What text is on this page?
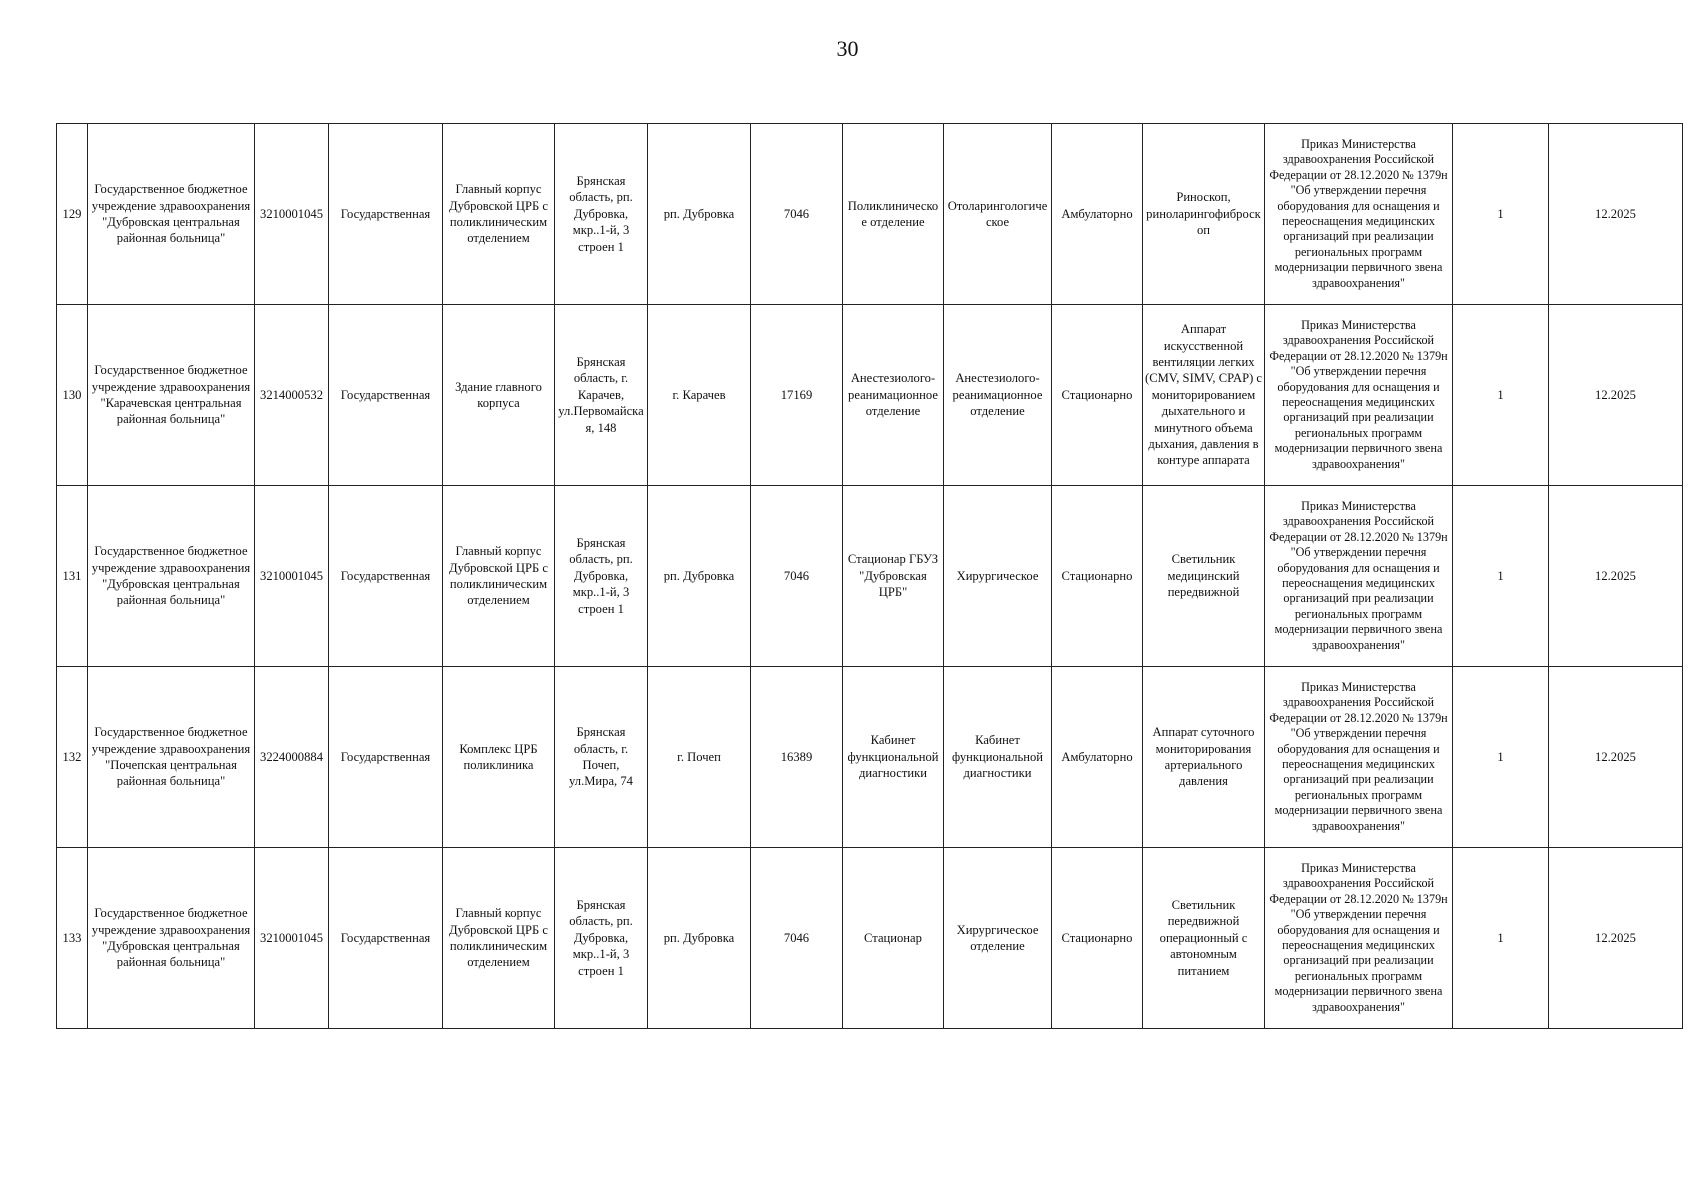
30
129	Государственное бюджетное учреждение здравоохранения "Дубровская центральная районная больница"	3210001045	Государственная	Главный корпус Дубровской ЦРБ с поликлиническим отделением	Брянская область, рп. Дубровка, мкр..1-й, 3 строен 1	рп. Дубровка	7046	Поликлиническое отделение	Отоларингологическое	Амбулаторно	Риноскоп, риноларингофиброскоп	Приказ Министерства здравоохранения Российской Федерации от 28.12.2020 № 1379н "Об утверждении перечня оборудования для оснащения и переоснащения медицинских организаций при реализации региональных программ модернизации первичного звена здравоохранения"	1	12.2025
130	Государственное бюджетное учреждение здравоохранения "Карачевская центральная районная больница"	3214000532	Государственная	Здание главного корпуса	Брянская область, г. Карачев, ул.Первомайская, 148	г. Карачев	17169	Анестезиолого-реанимационное отделение	Анестезиолого-реанимационное отделение	Стационарно	Аппарат искусственной вентиляции легких (CMV, SIMV, CPAP) с мониторированием дыхательного и минутного объема дыхания, давления в контуре аппарата	Приказ Министерства здравоохранения Российской Федерации от 28.12.2020 № 1379н "Об утверждении перечня оборудования для оснащения и переоснащения медицинских организаций при реализации региональных программ модернизации первичного звена здравоохранения"	1	12.2025
131	Государственное бюджетное учреждение здравоохранения "Дубровская центральная районная больница"	3210001045	Государственная	Главный корпус Дубровской ЦРБ с поликлиническим отделением	Брянская область, рп. Дубровка, мкр..1-й, 3 строен 1	рп. Дубровка	7046	Стационар ГБУЗ "Дубровская ЦРБ"	Хирургическое	Стационарно	Светильник медицинский передвижной	Приказ Министерства здравоохранения Российской Федерации от 28.12.2020 № 1379н "Об утверждении перечня оборудования для оснащения и переоснащения медицинских организаций при реализации региональных программ модернизации первичного звена здравоохранения"	1	12.2025
132	Государственное бюджетное учреждение здравоохранения "Почепская центральная районная больница"	3224000884	Государственная	Комплекс ЦРБ поликлиника	Брянская область, г. Почеп, ул.Мира, 74	г. Почеп	16389	Кабинет функциональной диагностики	Кабинет функциональной диагностики	Амбулаторно	Аппарат суточного мониторирования артериального давления	Приказ Министерства здравоохранения Российской Федерации от 28.12.2020 № 1379н "Об утверждении перечня оборудования для оснащения и переоснащения медицинских организаций при реализации региональных программ модернизации первичного звена здравоохранения"	1	12.2025
133	Государственное бюджетное учреждение здравоохранения "Дубровская центральная районная больница"	3210001045	Государственная	Главный корпус Дубровской ЦРБ с поликлиническим отделением	Брянская область, рп. Дубровка, мкр..1-й, 3 строен 1	рп. Дубровка	7046	Стационар	Хирургическое отделение	Стационарно	Светильник передвижной операционный с автономным питанием	Приказ Министерства здравоохранения Российской Федерации от 28.12.2020 № 1379н "Об утверждении перечня оборудования для оснащения и переоснащения медицинских организаций при реализации региональных программ модернизации первичного звена здравоохранения"	1	12.2025
